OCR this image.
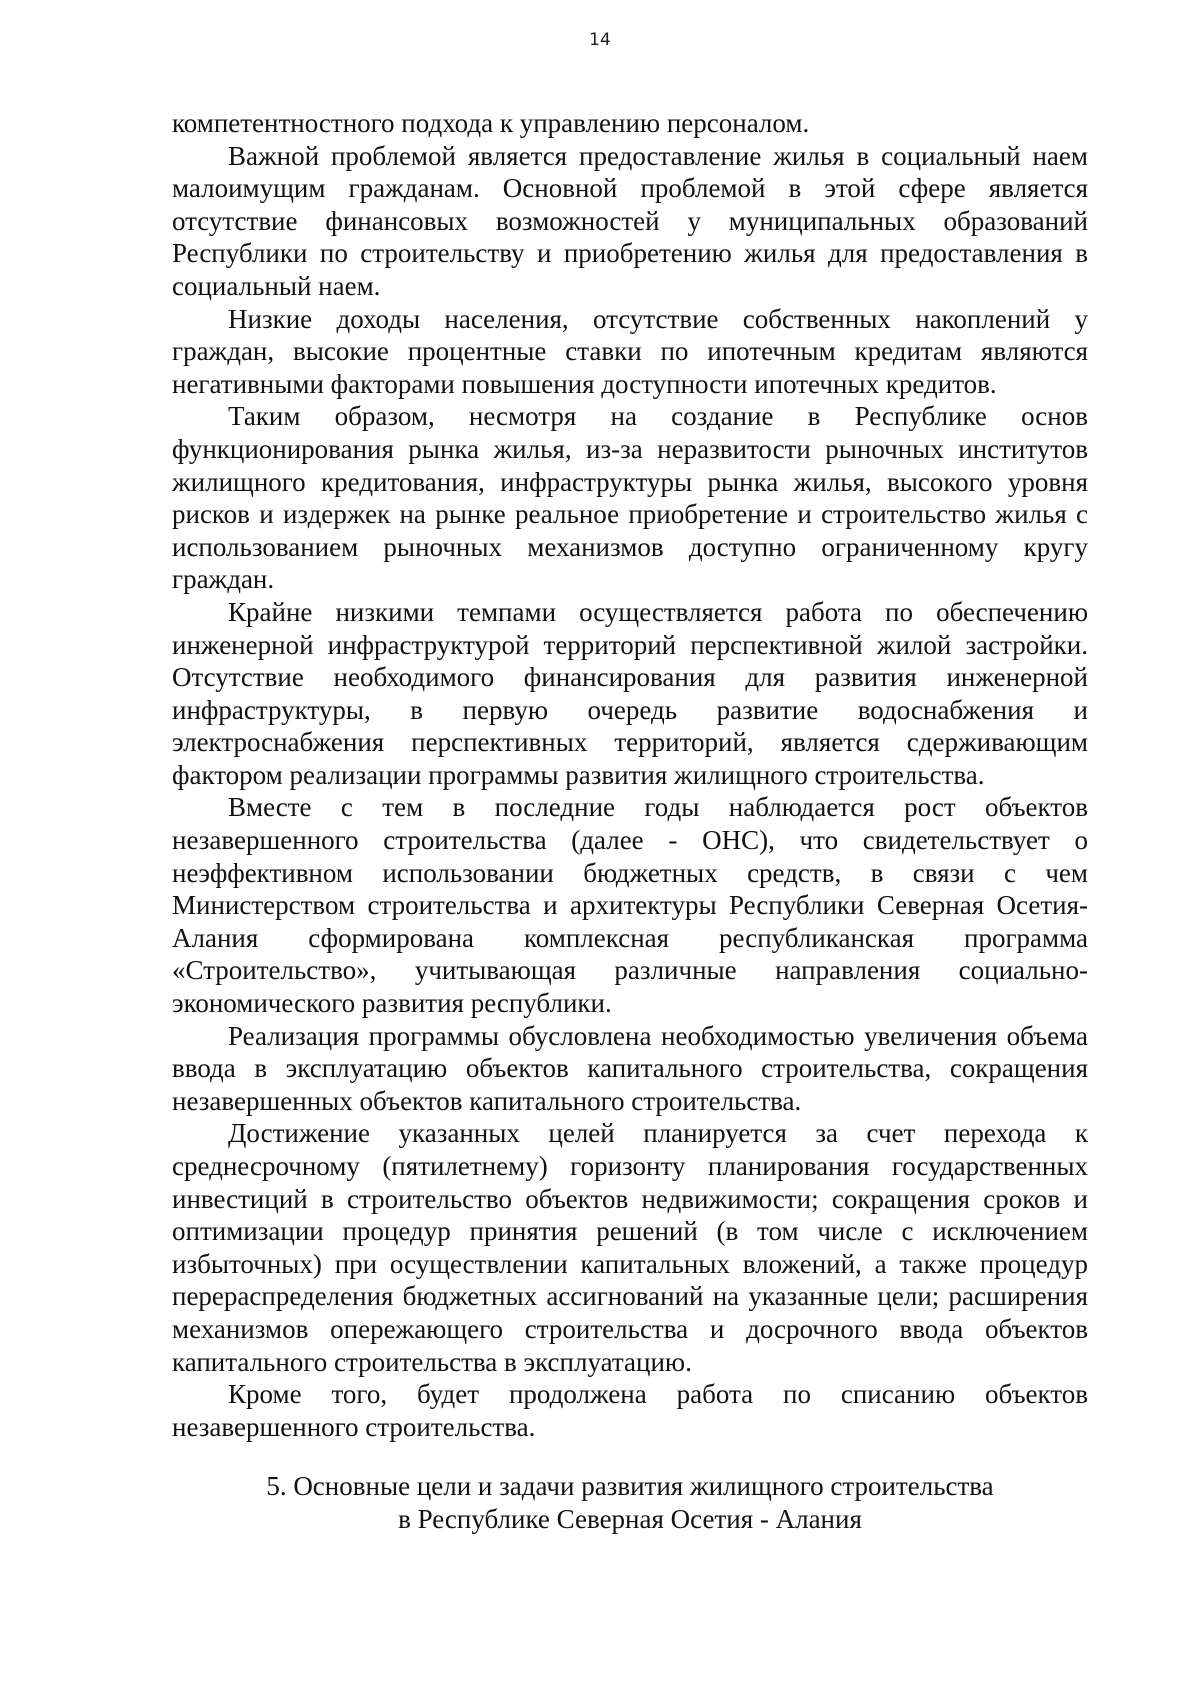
14

компетентностного подхода к управлению персоналом.

Важной проблемой является предоставление жилья в социальный наем малоимущим гражданам. Основной проблемой в этой сфере является отсутствие финансовых возможностей у муниципальных образований Республики по строительству и приобретению жилья для предоставления в социальный наем.

Низкие доходы населения, отсутствие собственных накоплений у граждан, высокие процентные ставки по ипотечным кредитам являются негативными факторами повышения доступности ипотечных кредитов.

Таким образом, несмотря на создание в Республике основ функционирования рынка жилья, из-за неразвитости рыночных институтов жилищного кредитования, инфраструктуры рынка жилья, высокого уровня рисков и издержек на рынке реальное приобретение и строительство жилья с использованием рыночных механизмов доступно ограниченному кругу граждан.

Крайне низкими темпами осуществляется работа по обеспечению инженерной инфраструктурой территорий перспективной жилой застройки. Отсутствие необходимого финансирования для развития инженерной инфраструктуры, в первую очередь развитие водоснабжения и электроснабжения перспективных территорий, является сдерживающим фактором реализации программы развития жилищного строительства.

Вместе с тем в последние годы наблюдается рост объектов незавершенного строительства (далее - ОНС), что свидетельствует о неэффективном использовании бюджетных средств, в связи с чем Министерством строительства и архитектуры Республики Северная Осетия-Алания сформирована комплексная республиканская программа «Строительство», учитывающая различные направления социально-экономического развития республики.

Реализация программы обусловлена необходимостью увеличения объема ввода в эксплуатацию объектов капитального строительства, сокращения незавершенных объектов капитального строительства.

Достижение указанных целей планируется за счет перехода к среднесрочному (пятилетнему) горизонту планирования государственных инвестиций в строительство объектов недвижимости; сокращения сроков и оптимизации процедур принятия решений (в том числе с исключением избыточных) при осуществлении капитальных вложений, а также процедур перераспределения бюджетных ассигнований на указанные цели; расширения механизмов опережающего строительства и досрочного ввода объектов капитального строительства в эксплуатацию.

Кроме того, будет продолжена работа по списанию объектов незавершенного строительства.

5. Основные цели и задачи развития жилищного строительства
в Республике Северная Осетия - Алания
